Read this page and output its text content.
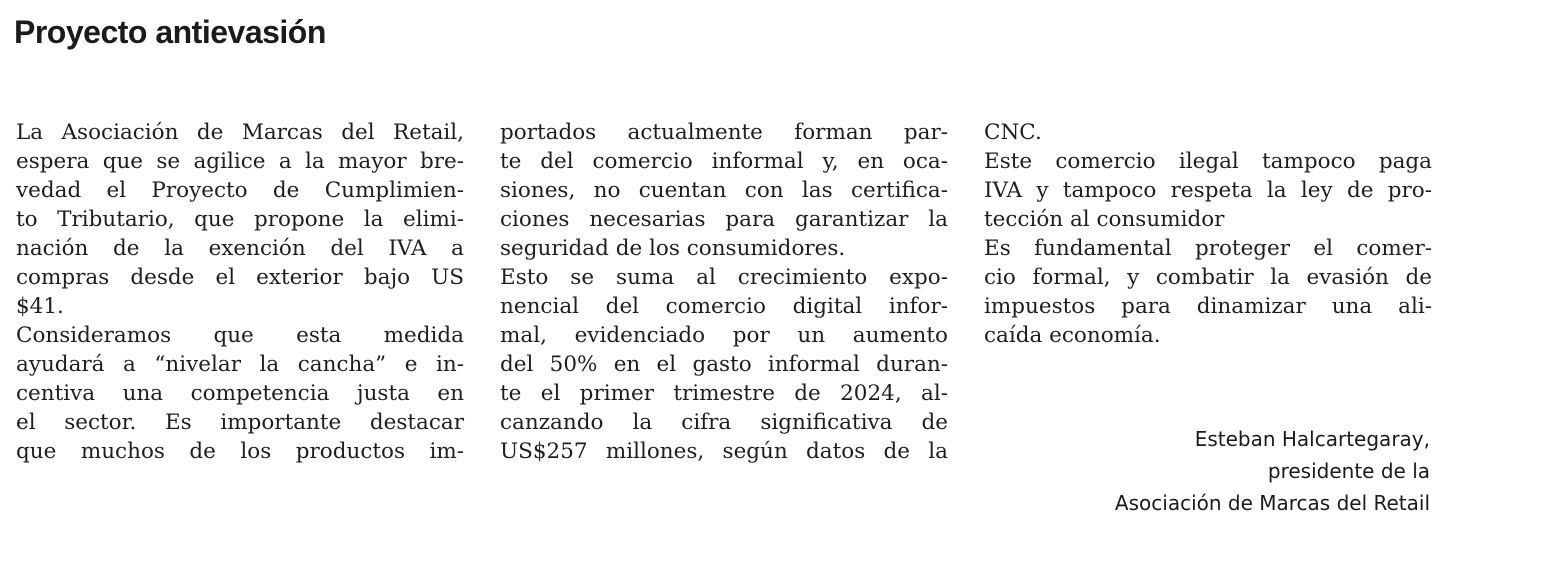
Proyecto antievasión
La Asociación de Marcas del Retail,
espera que se agilice a la mayor bre-
vedad el Proyecto de Cumplimien-
to Tributario, que propone la elimi-
nación de la exención del IVA a
compras desde el exterior bajo US
$41.
Consideramos que esta medida
ayudará a “nivelar la cancha” e in-
centiva una competencia justa en
el sector. Es importante destacar
que muchos de los productos im-
portados actualmente forman par-
te del comercio informal y, en oca-
siones, no cuentan con las certifica-
ciones necesarias para garantizar la
seguridad de los consumidores.
Esto se suma al crecimiento expo-
nencial del comercio digital infor-
mal, evidenciado por un aumento
del 50% en el gasto informal duran-
te el primer trimestre de 2024, al-
canzando la cifra significativa de
US$257 millones, según datos de la
CNC.
Este comercio ilegal tampoco paga
IVA y tampoco respeta la ley de pro-
tección al consumidor
Es fundamental proteger el comer-
cio formal, y combatir la evasión de
impuestos para dinamizar una ali-
caída economía.
Esteban Halcartegaray,
presidente de la
Asociación de Marcas del Retail
